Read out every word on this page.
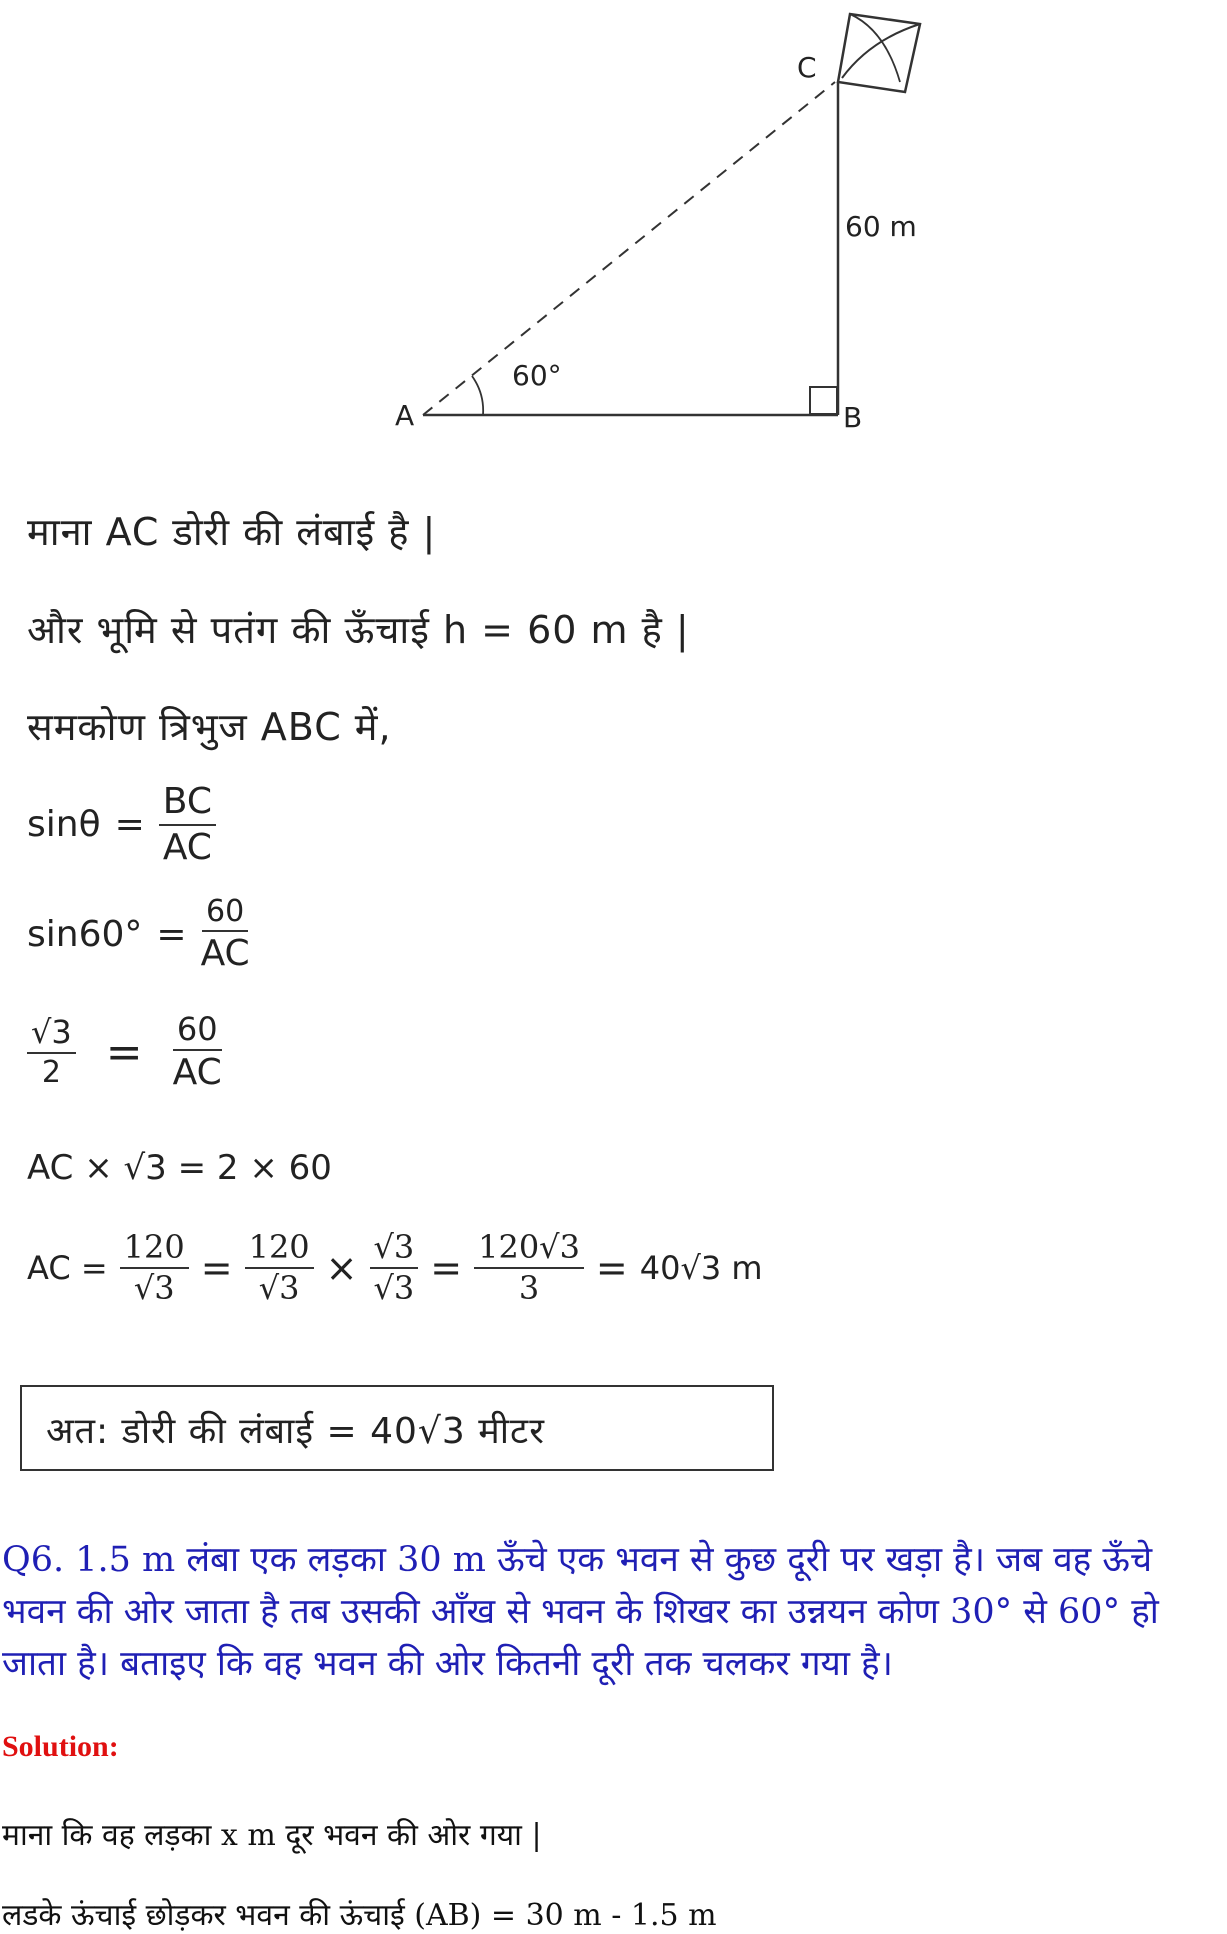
C
A	B
60 m
60°
माना AC डोरी की लंबाई है |
और भूमि से पतंग की ऊँचाई h = 60 m है |
समकोण त्रिभुज ABC में,
$\sin\theta = \frac{BC}{AC}$
$\sin 60^\circ = \frac{60}{AC}$
$\frac{√3}{2} = \frac{60}{AC}$
AC × √3 = 2 × 60
AC = $\frac{120}{√3} = \frac{120}{√3} \times \frac{√3}{√3} = \frac{120√3}{3} = 40√3$ m
अत: डोरी की लंबाई = 40√3 मीटर
Q6. 1.5 m लंबा एक लड़का 30 m ऊँचे एक भवन से कुछ दूरी पर खड़ा है। जब वह ऊँचे भवन की ओर जाता है तब उसकी आँख से भवन के शिखर का उन्नयन कोण 30° से 60° हो जाता है। बताइए कि वह भवन की ओर कितनी दूरी तक चलकर गया है।
Solution:
माना कि वह लड़का x m दूर भवन की ओर गया |
लडके ऊंचाई छोड़कर भवन की ऊंचाई (AB) = 30 m - 1.5 m
